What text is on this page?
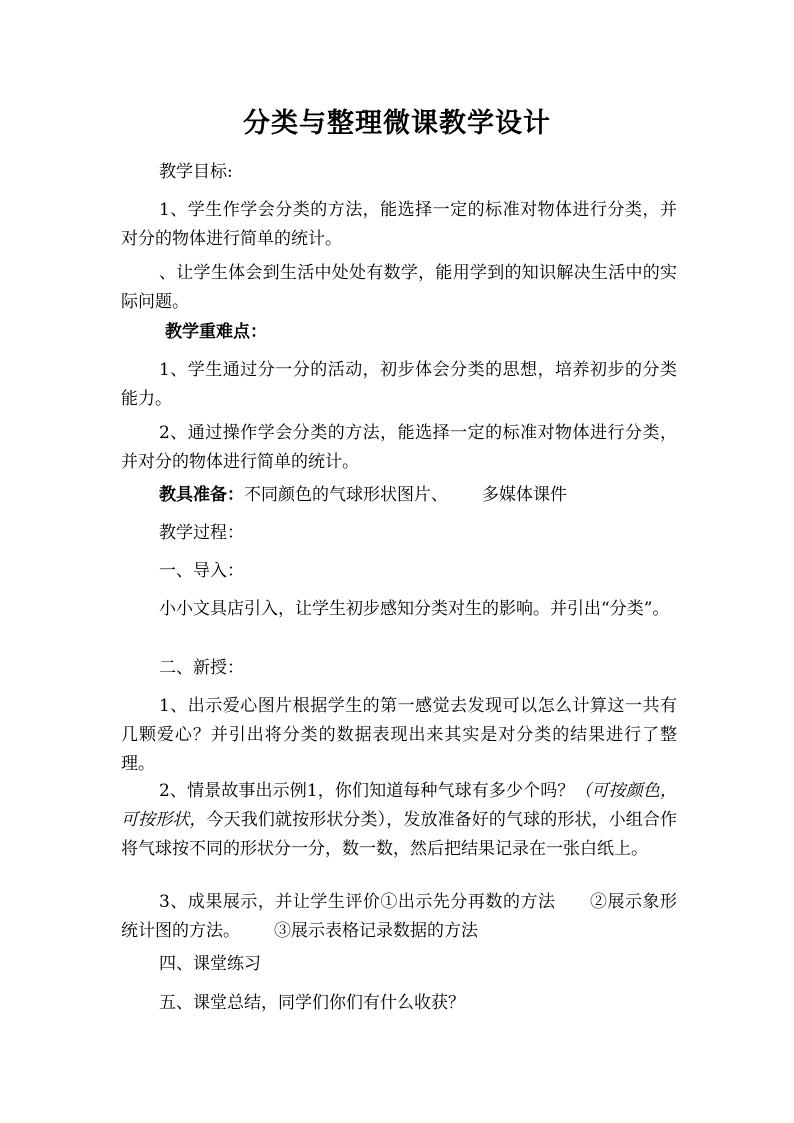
分类与整理微课教学设计
教学目标:
1、学生作学会分类的方法，能选择一定的标准对物体进行分类，并对分的物体进行简单的统计。
、让学生体会到生活中处处有数学，能用学到的知识解决生活中的实际问题。
教学重难点：
1、学生通过分一分的活动，初步体会分类的思想，培养初步的分类能力。
2、通过操作学会分类的方法，能选择一定的标准对物体进行分类，并对分的物体进行简单的统计。
教具准备：不同颜色的气球形状图片、 多媒体课件
教学过程：
一、导入：
小小文具店引入，让学生初步感知分类对生的影响。并引出“分类”。
二、新授：
1、出示爱心图片根据学生的第一感觉去发现可以怎么计算这一共有几颗爱心？并引出将分类的数据表现出来其实是对分类的结果进行了整理。
2、情景故事出示例1，你们知道每种气球有多少个吗？（可按颜色，可按形状，今天我们就按形状分类），发放准备好的气球的形状，小组合作将气球按不同的形状分一分，数一数，然后把结果记录在一张白纸上。
3、成果展示，并让学生评价①出示先分再数的方法 ②展示象形统计图的方法。 ③展示表格记录数据的方法
四、课堂练习
五、课堂总结，同学们你们有什么收获？
